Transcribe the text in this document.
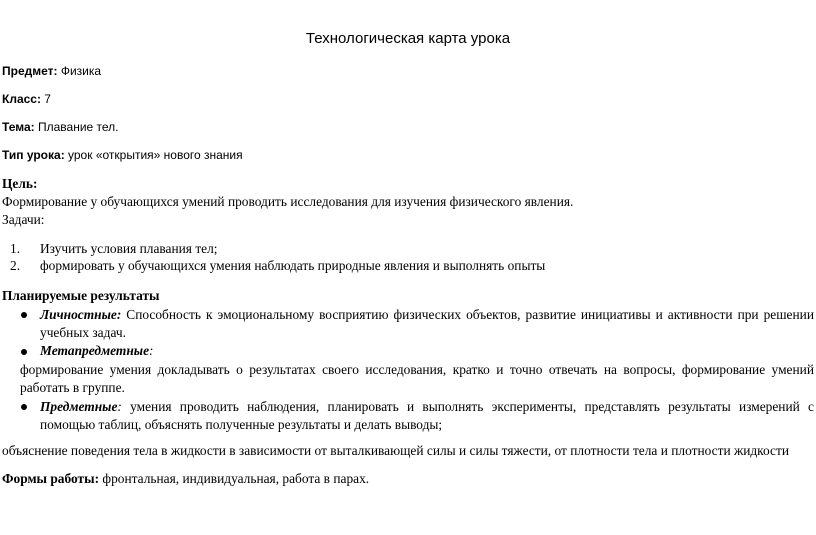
Технологическая карта урока
Предмет: Физика
Класс: 7
Тема: Плавание тел.
Тип урока: урок «открытия» нового знания
Цель:
Формирование у обучающихся умений проводить исследования для изучения физического явления.
Задачи:
1. Изучить условия плавания тел;
2. формировать у обучающихся умения наблюдать природные явления и выполнять опыты
Планируемые результаты
Личностные: Способность к эмоциональному восприятию физических объектов, развитие инициативы и активности при решении учебных задач.
Метапредметные:
формирование умения докладывать о результатах своего исследования, кратко и точно отвечать на вопросы, формирование умений работать в группе.
Предметные: умения проводить наблюдения, планировать и выполнять эксперименты, представлять результаты измерений с помощью таблиц, объяснять полученные результаты и делать выводы;
объяснение поведения тела в жидкости в зависимости от выталкивающей силы и силы тяжести, от плотности тела и плотности жидкости
Формы работы: фронтальная, индивидуальная, работа в парах.
